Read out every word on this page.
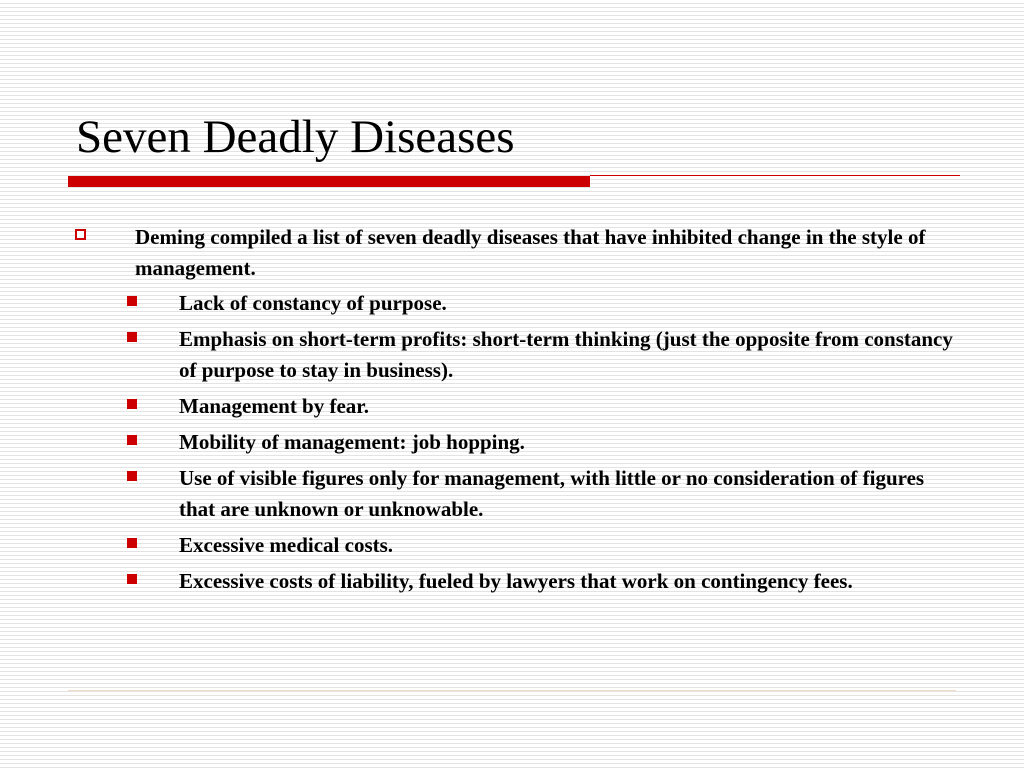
Seven Deadly Diseases
Deming compiled a list of seven deadly diseases that have inhibited change in the style of management.
Lack of constancy of purpose.
Emphasis on short-term profits: short-term thinking (just the opposite from constancy of purpose to stay in business).
Management by fear.
Mobility of management: job hopping.
Use of visible figures only for management, with little or no consideration of figures that are unknown or unknowable.
Excessive medical costs.
Excessive costs of liability, fueled by lawyers that work on contingency fees.
